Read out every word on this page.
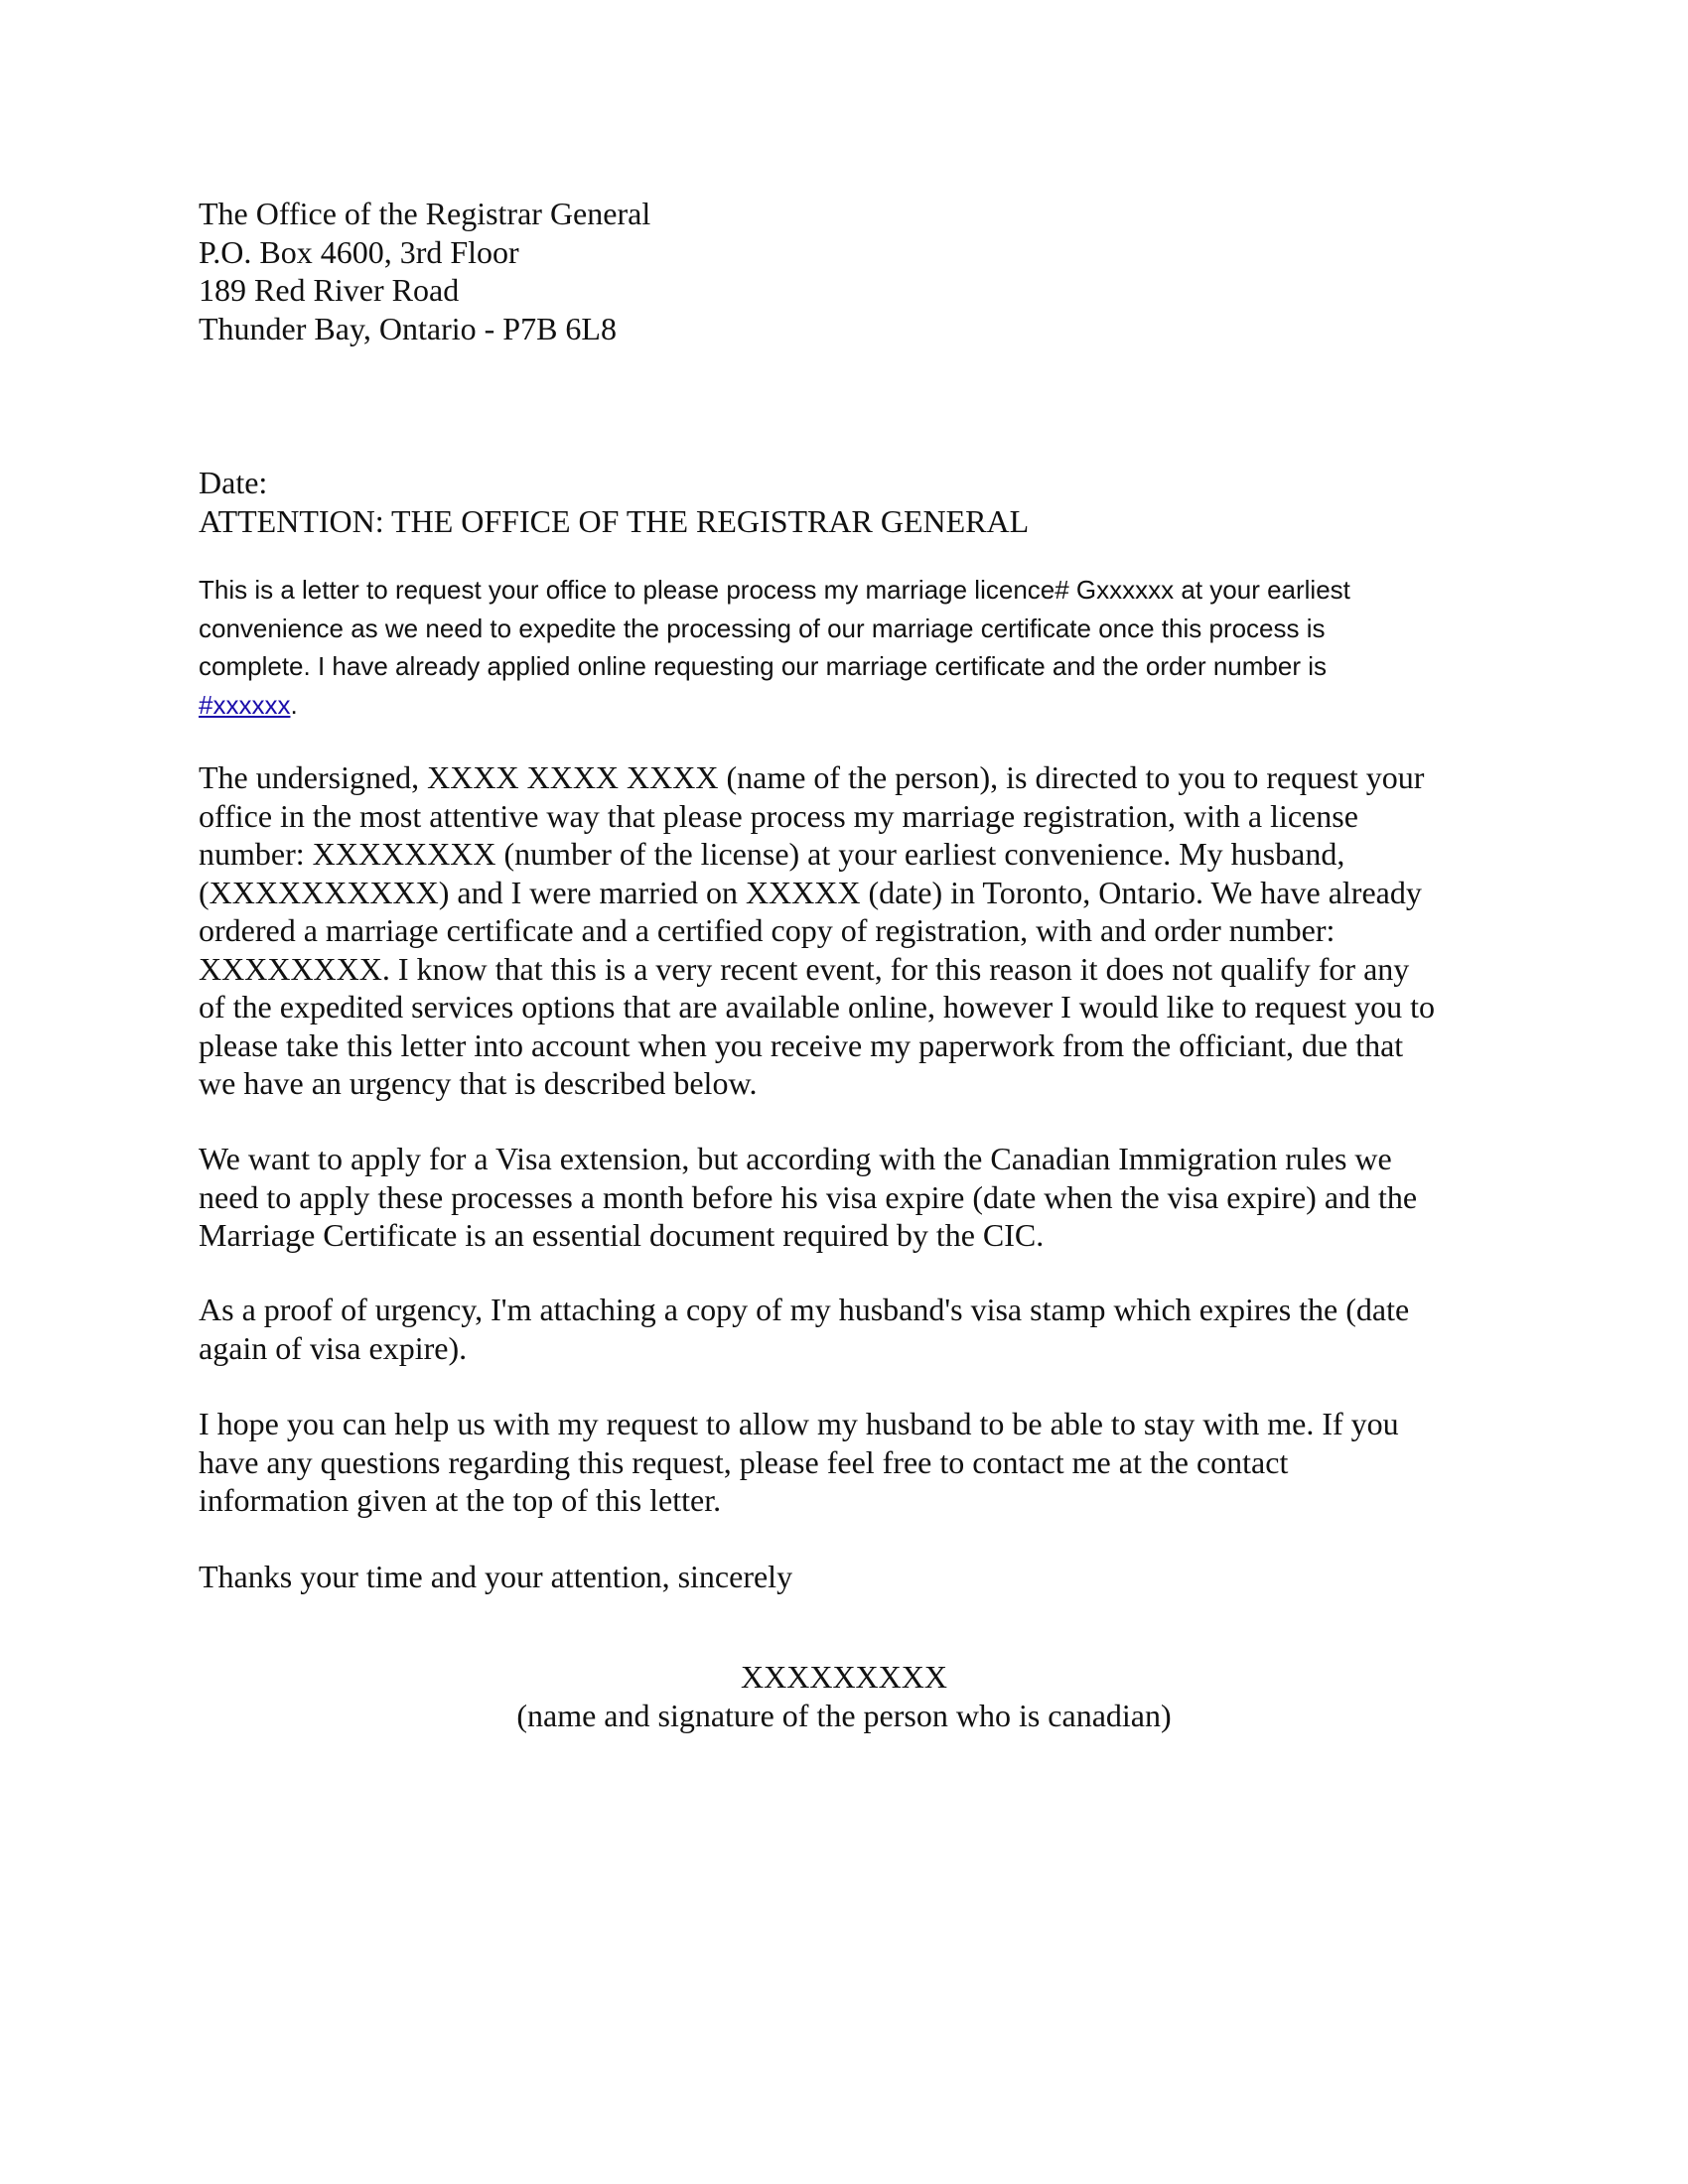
The Office of the Registrar General
P.O. Box 4600, 3rd Floor
189 Red River Road
Thunder Bay, Ontario - P7B 6L8
Date:
ATTENTION: THE OFFICE OF THE REGISTRAR GENERAL
This is a letter to request your office to please process my marriage licence# Gxxxxxx at your earliest
convenience as we need to expedite the processing of our marriage certificate once this process is
complete. I have already applied online requesting our marriage certificate and the order number is
#xxxxxx.
The undersigned, XXXX XXXX XXXX (name of the person), is directed to you to request your
office in the most attentive way that please process my marriage registration, with a license
number: XXXXXXXX (number of the license) at your earliest convenience. My husband,
(XXXXXXXXXX) and I were married on XXXXX (date) in Toronto, Ontario. We have already
ordered a marriage certificate and a certified copy of registration, with and order number:
XXXXXXXX. I know that this is a very recent event, for this reason it does not qualify for any
of the expedited services options that are available online, however I would like to request you to
please take this letter into account when you receive my paperwork from the officiant, due that
we have an urgency that is described below.
We want to apply for a Visa extension, but according with the Canadian Immigration rules we
need to apply these processes a month before his visa expire (date when the visa expire) and the
Marriage Certificate is an essential document required by the CIC.
As a proof of urgency, I'm attaching a copy of my husband's visa stamp which expires the (date
again of visa expire).
I hope you can help us with my request to allow my husband to be able to stay with me. If you
have any questions regarding this request, please feel free to contact me at the contact
information given at the top of this letter.
Thanks your time and your attention, sincerely
XXXXXXXXX
(name and signature of the person who is canadian)
